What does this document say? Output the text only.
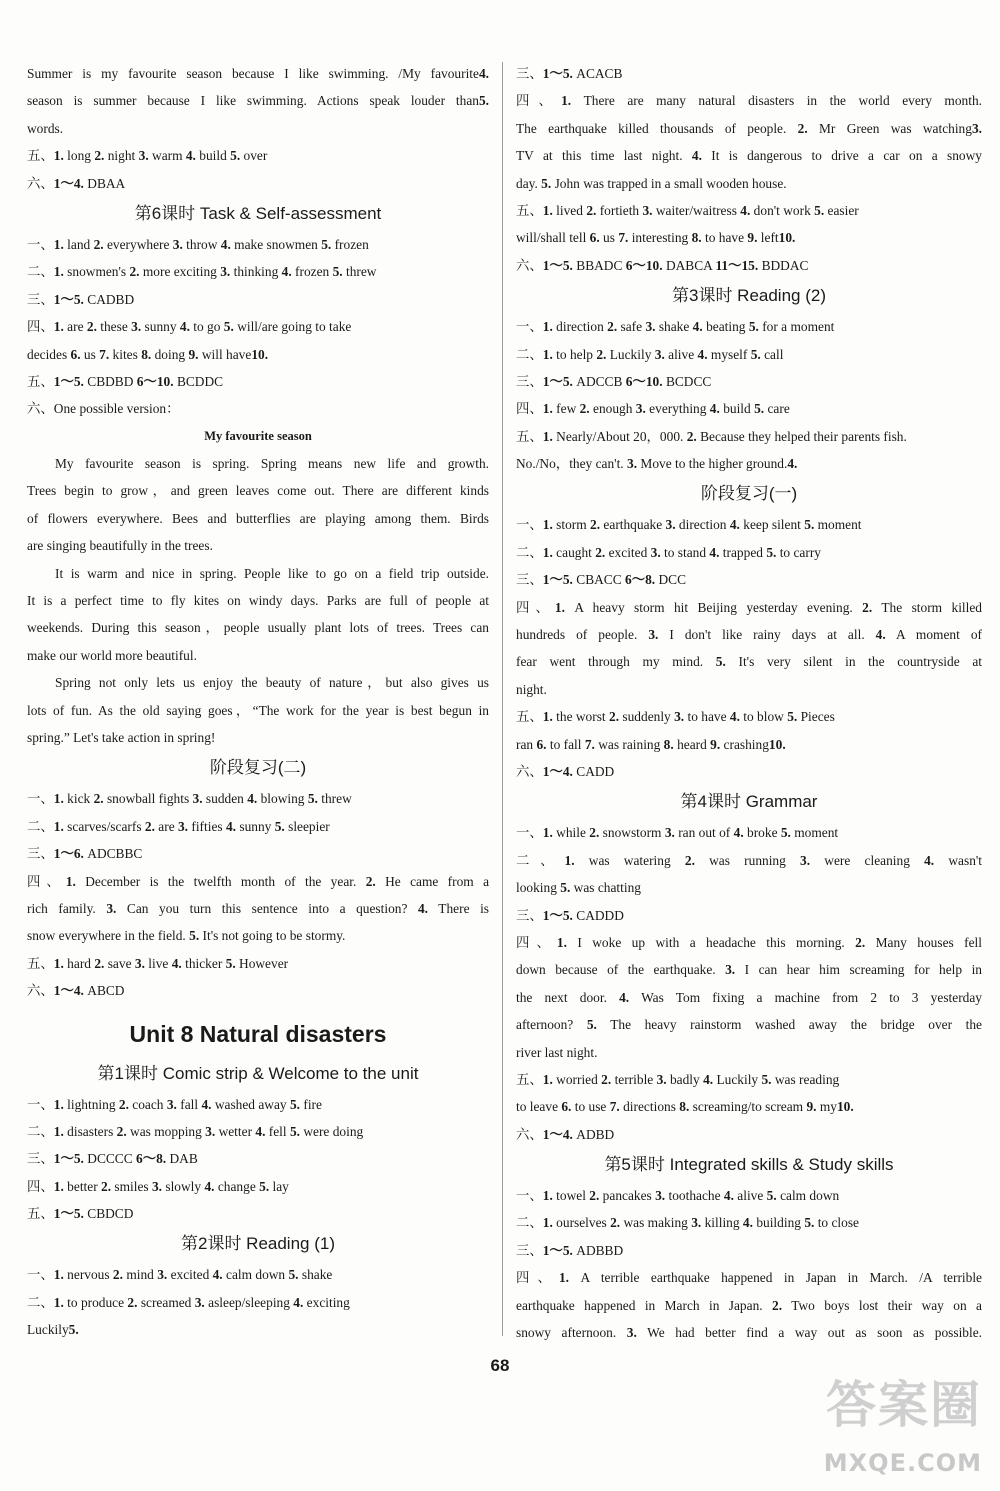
Summer is my favourite season because I like swimming. /My favourite4.
season is summer because I like swimming. Actions speak louder than5.
words.
五、1. long 2. night 3. warm 4. build 5. over
六、1～4. DBAA
第6课时 Task & Self-assessment
一、1. land 2. everywhere 3. throw 4. make snowmen 5. frozen
二、1. snowmen's 2. more exciting 3. thinking 4. frozen 5. threw
三、1～5. CADBD
四、1. are 2. these 3. sunny 4. to go 5. will/are going to take
decides 6. us 7. kites 8. doing 9. will have10.
五、1～5. CBDBD 6～10. BCDDC
六、One possible version：
My favourite season
My favourite season is spring. Spring means new life and growth.
Trees begin to grow，and green leaves come out. There are different kinds
of flowers everywhere. Bees and butterflies are playing among them. Birds
are singing beautifully in the trees.
It is warm and nice in spring. People like to go on a field trip outside.
It is a perfect time to fly kites on windy days. Parks are full of people at
weekends. During this season，people usually plant lots of trees. Trees can
make our world more beautiful.
Spring not only lets us enjoy the beauty of nature，but also gives us
lots of fun. As the old saying goes，“The work for the year is best begun in
spring.” Let's take action in spring!
阶段复习(二)
一、1. kick 2. snowball fights 3. sudden 4. blowing 5. threw
二、1. scarves/scarfs 2. are 3. fifties 4. sunny 5. sleepier
三、1～6. ADCBBC
四、1. December is the twelfth month of the year. 2. He came from a
rich family. 3. Can you turn this sentence into a question? 4. There is
snow everywhere in the field. 5. It's not going to be stormy.
五、1. hard 2. save 3. live 4. thicker 5. However
六、1～4. ABCD
Unit 8 Natural disasters
第1课时 Comic strip & Welcome to the unit
一、1. lightning 2. coach 3. fall 4. washed away 5. fire
二、1. disasters 2. was mopping 3. wetter 4. fell 5. were doing
三、1～5. DCCCC 6～8. DAB
四、1. better 2. smiles 3. slowly 4. change 5. lay
五、1～5. CBDCD
第2课时 Reading (1)
一、1. nervous 2. mind 3. excited 4. calm down 5. shake
二、1. to produce 2. screamed 3. asleep/sleeping 4. exciting
Luckily5.
三、1～5. ACACB
四、1. There are many natural disasters in the world every month.
The earthquake killed thousands of people. 2. Mr Green was watching3.
TV at this time last night. 4. It is dangerous to drive a car on a snowy
day. 5. John was trapped in a small wooden house.
五、1. lived 2. fortieth 3. waiter/waitress 4. don't work 5. easier
will/shall tell 6. us 7. interesting 8. to have 9. left10.
六、1～5. BBADC 6～10. DABCA 11～15. BDDAC
第3课时 Reading (2)
一、1. direction 2. safe 3. shake 4. beating 5. for a moment
二、1. to help 2. Luckily 3. alive 4. myself 5. call
三、1～5. ADCCB 6～10. BCDCC
四、1. few 2. enough 3. everything 4. build 5. care
五、1. Nearly/About 20，000. 2. Because they helped their parents fish.
No./No，they can't. 3. Move to the higher ground.4.
阶段复习(一)
一、1. storm 2. earthquake 3. direction 4. keep silent 5. moment
二、1. caught 2. excited 3. to stand 4. trapped 5. to carry
三、1～5. CBACC 6～8. DCC
四、1. A heavy storm hit Beijing yesterday evening. 2. The storm killed
hundreds of people. 3. I don't like rainy days at all. 4. A moment of
fear went through my mind. 5. It's very silent in the countryside at
night.
五、1. the worst 2. suddenly 3. to have 4. to blow 5. Pieces
ran 6. to fall 7. was raining 8. heard 9. crashing10.
六、1～4. CADD
第4课时 Grammar
一、1. while 2. snowstorm 3. ran out of 4. broke 5. moment
二、1. was watering 2. was running 3. were cleaning 4. wasn't
looking 5. was chatting
三、1～5. CADDD
四、1. I woke up with a headache this morning. 2. Many houses fell
down because of the earthquake. 3. I can hear him screaming for help in
the next door. 4. Was Tom fixing a machine from 2 to 3 yesterday
afternoon? 5. The heavy rainstorm washed away the bridge over the
river last night.
五、1. worried 2. terrible 3. badly 4. Luckily 5. was reading
to leave 6. to use 7. directions 8. screaming/to scream 9. my10.
六、1～4. ADBD
第5课时 Integrated skills & Study skills
一、1. towel 2. pancakes 3. toothache 4. alive 5. calm down
二、1. ourselves 2. was making 3. killing 4. building 5. to close
三、1～5. ADBBD
四、1. A terrible earthquake happened in Japan in March. /A terrible
earthquake happened in March in Japan. 2. Two boys lost their way on a
snowy afternoon. 3. We had better find a way out as soon as possible.
68
答案圈
MXQE.COM
